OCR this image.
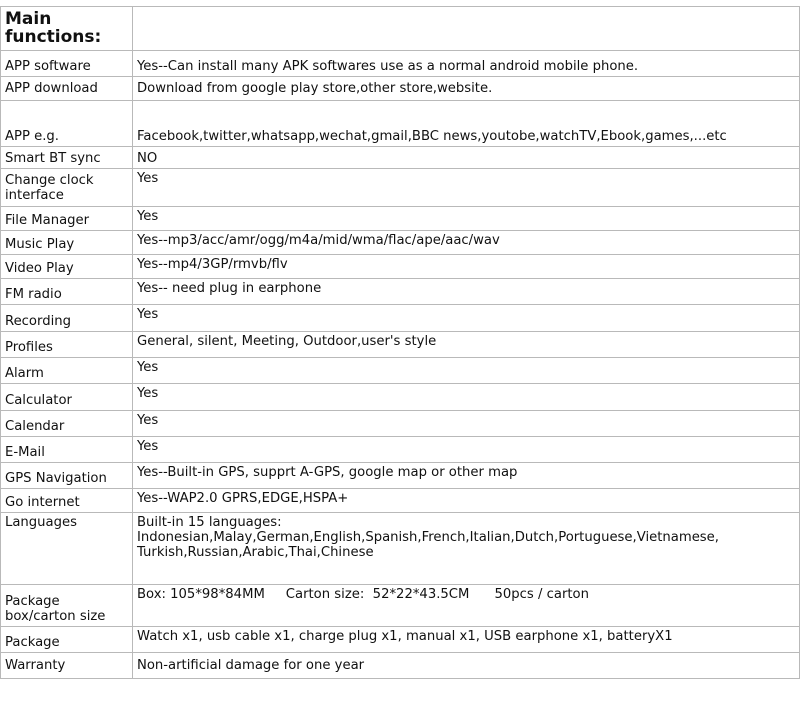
Main functions:	
APP software	Yes--Can install many APK softwares use as a normal android mobile phone.
APP download	Download from google play store,other store,website.
APP e.g.	Facebook,twitter,whatsapp,wechat,gmail,BBC news,youtobe,watchTV,Ebook,games,...etc
Smart BT sync	NO
Change clock interface	Yes
File Manager	Yes
Music Play	Yes--mp3/acc/amr/ogg/m4a/mid/wma/flac/ape/aac/wav
Video Play	Yes--mp4/3GP/rmvb/flv
FM radio	Yes-- need plug in earphone
Recording	Yes
Profiles	General, silent, Meeting, Outdoor,user's style
Alarm	Yes
Calculator	Yes
Calendar	Yes
E-Mail	Yes
GPS Navigation	Yes--Built-in GPS, supprt A-GPS, google map or other map
Go internet	Yes--WAP2.0 GPRS,EDGE,HSPA+
Languages	Built-in 15 languages:
Indonesian,Malay,German,English,Spanish,French,Italian,Dutch,Portuguese,Vietnamese,
Turkish,Russian,Arabic,Thai,Chinese

Package box/carton size	Box: 105*98*84MM     Carton size:  52*22*43.5CM      50pcs / carton
Package	Watch x1, usb cable x1, charge plug x1, manual x1, USB earphone x1, batteryX1
Warranty	Non-artificial damage for one year
